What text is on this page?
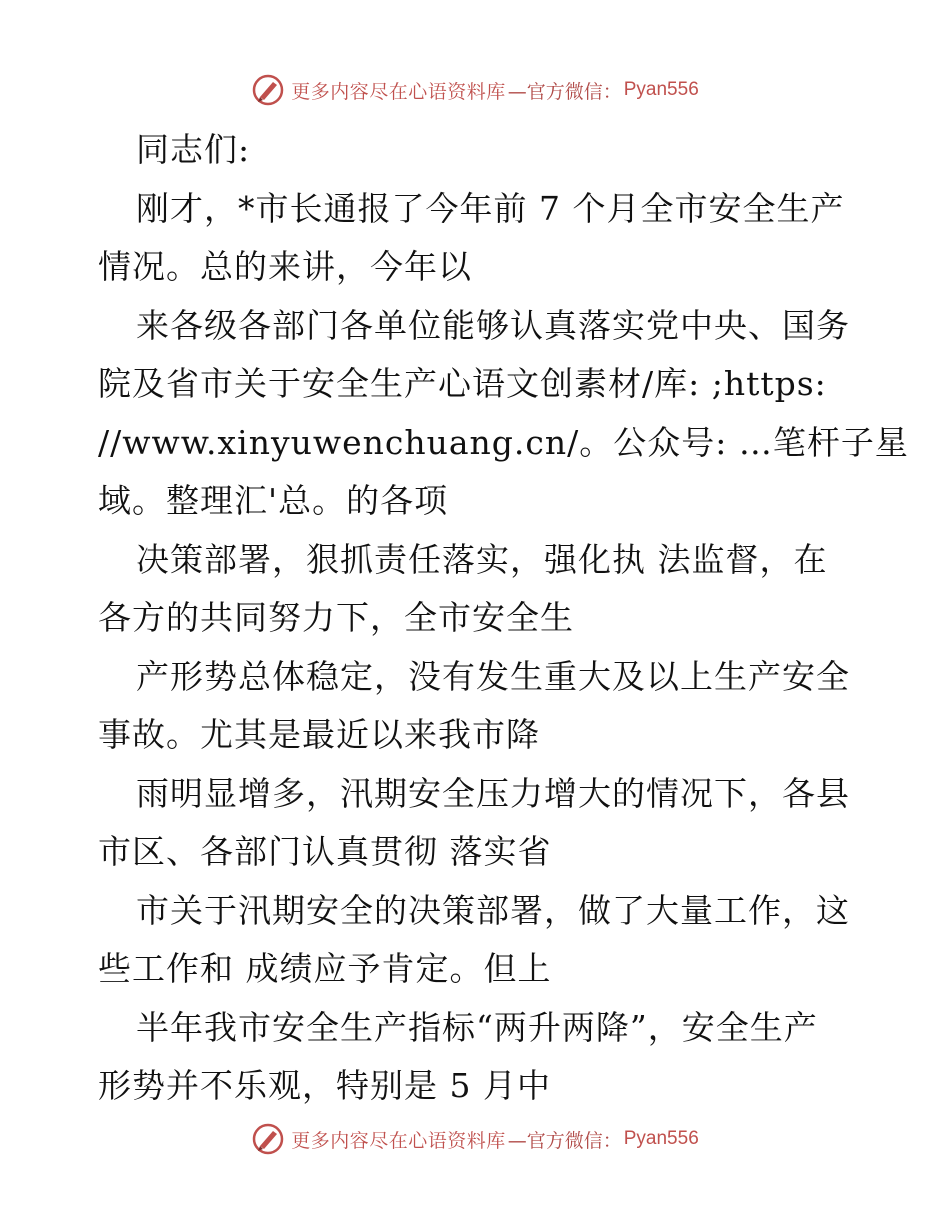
更多内容尽在心语资料库 —官方微信： Pyan556
同志们:
刚才，*市长通报了今年前 7 个月全市安全生产
情况。总的来讲，今年以
来各级各部门各单位能够认真落实党中央、国务
院及省市关于安全生产心语文创素材/库: ;https:
//www.xinyuwenchuang.cn/。公众号: …笔杆子星
域。整理汇'总。的各项
决策部署，狠抓责任落实，强化执 法监督，在
各方的共同努力下，全市安全生
产形势总体稳定，没有发生重大及以上生产安全
事故。尤其是最近以来我市降
雨明显增多，汛期安全压力增大的情况下，各县
市区、各部门认真贯彻 落实省
市关于汛期安全的决策部署，做了大量工作，这
些工作和 成绩应予肯定。但上
半年我市安全生产指标“两升两降”，安全生产
形势并不乐观，特别是 5 月中
更多内容尽在心语资料库 —官方微信： Pyan556
